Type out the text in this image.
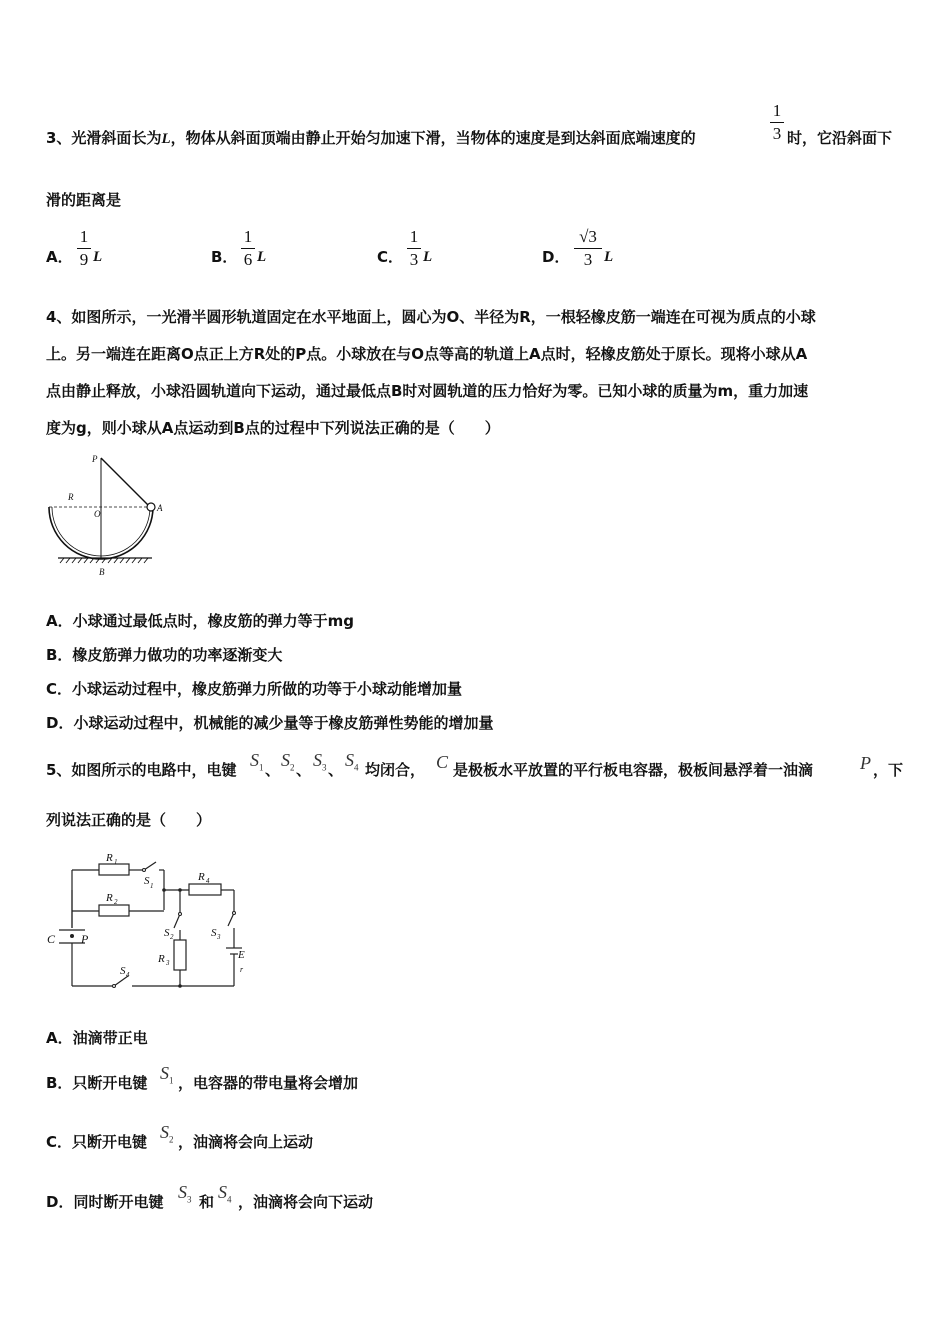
3、光滑斜面长为L，物体从斜面顶端由静止开始匀加速下滑，当物体的速度是到达斜面底端速度的
1
3 时，它沿斜面下
滑的距离是
A．
1
9 L	B．
1
6 L	C．
1
3 L	D．
√3
3 L
4、如图所示，一光滑半圆形轨道固定在水平地面上，圆心为O、半径为R，一根轻橡皮筋一端连在可视为质点的小球
上。另一端连在距离O点正上方R处的P点。小球放在与O点等高的轨道上A点时，轻橡皮筋处于原长。现将小球从A
点由静止释放，小球沿圆轨道向下运动，通过最低点B时对圆轨道的压力恰好为零。已知小球的质量为m，重力加速
度为g，则小球从A点运动到B点的过程中下列说法正确的是（　　）
P
R
O
A
B
A．小球通过最低点时，橡皮筋的弹力等于mg
B．橡皮筋弹力做功的功率逐渐变大
C．小球运动过程中，橡皮筋弹力所做的功等于小球动能增加量
D．小球运动过程中，机械能的减少量等于橡皮筋弹性势能的增加量
5、如图所示的电路中，电键 $S_1$ 、 $S_2$ 、 $S_3$ 、 $S_4$ 均闭合， C 是极板水平放置的平行板电容器，极板间悬浮着一油滴	P ，下
列说法正确的是（　　）
R 1
R 2
S 1
R 4
S 2	S 3
R 3
S 4
C P
E
r
A．油滴带正电
B．只断开电键 $S_1$ ，电容器的带电量将会增加
C．只断开电键 $S_2$ ，油滴将会向上运动
D．同时断开电键 $S_3$ 和 $S_4$ ，油滴将会向下运动
